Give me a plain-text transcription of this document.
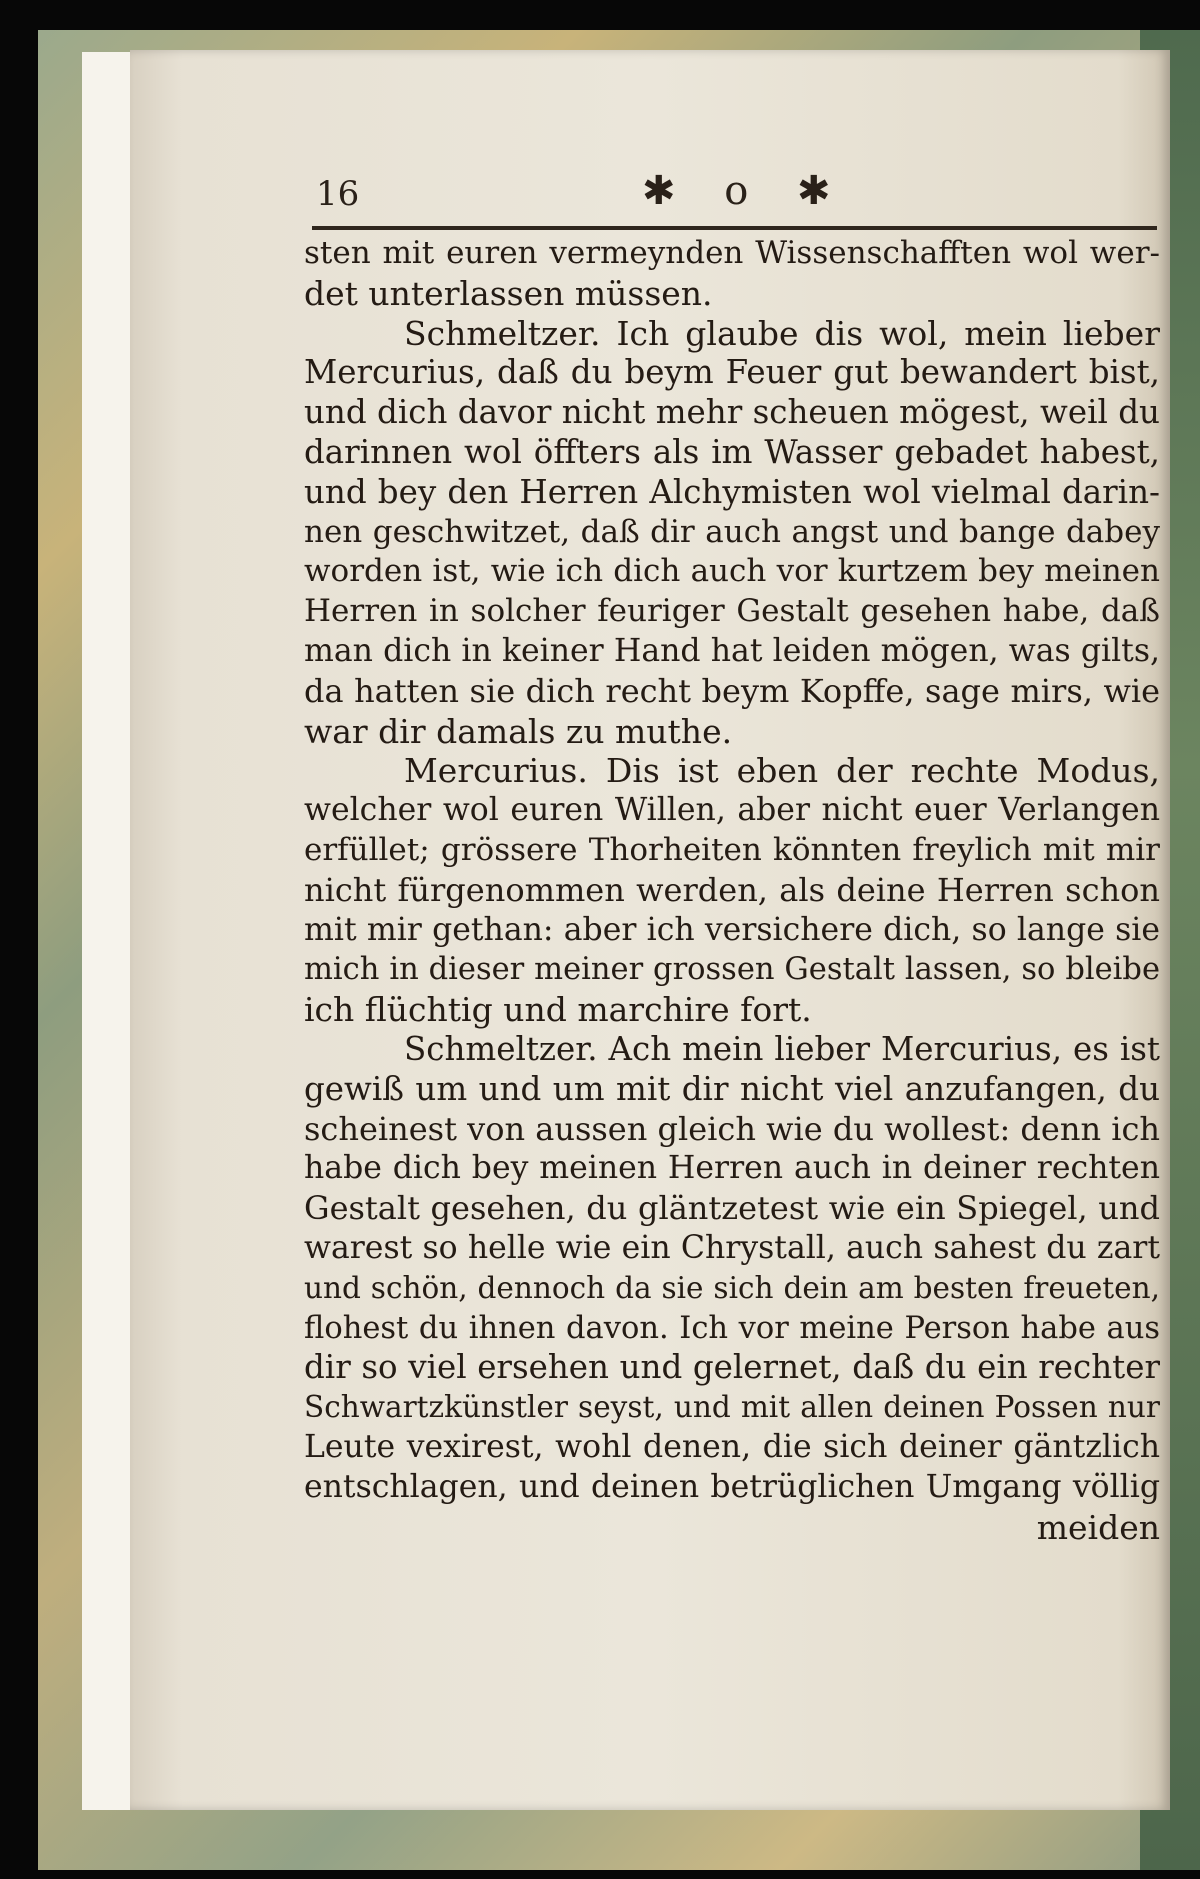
16	✱ o ✱
sten mit euren vermeynden Wissenschafften wol wer-
det unterlassen müssen.
Schmeltzer. Ich glaube dis wol, mein lieber
Mercurius, daß du beym Feuer gut bewandert bist,
und dich davor nicht mehr scheuen mögest, weil du
darinnen wol öffters als im Wasser gebadet habest,
und bey den Herren Alchymisten wol vielmal darin-
nen geschwitzet, daß dir auch angst und bange dabey
worden ist, wie ich dich auch vor kurtzem bey meinen
Herren in solcher feuriger Gestalt gesehen habe, daß
man dich in keiner Hand hat leiden mögen, was gilts,
da hatten sie dich recht beym Kopffe, sage mirs, wie
war dir damals zu muthe.
Mercurius. Dis ist eben der rechte Modus,
welcher wol euren Willen, aber nicht euer Verlangen
erfüllet; grössere Thorheiten könnten freylich mit mir
nicht fürgenommen werden, als deine Herren schon
mit mir gethan: aber ich versichere dich, so lange sie
mich in dieser meiner grossen Gestalt lassen, so bleibe
ich flüchtig und marchire fort.
Schmeltzer. Ach mein lieber Mercurius, es ist
gewiß um und um mit dir nicht viel anzufangen, du
scheinest von aussen gleich wie du wollest: denn ich
habe dich bey meinen Herren auch in deiner rechten
Gestalt gesehen, du gläntzetest wie ein Spiegel, und
warest so helle wie ein Chrystall, auch sahest du zart
und schön, dennoch da sie sich dein am besten freueten,
flohest du ihnen davon. Ich vor meine Person habe aus
dir so viel ersehen und gelernet, daß du ein rechter
Schwartzkünstler seyst, und mit allen deinen Possen nur
Leute vexirest, wohl denen, die sich deiner gäntzlich
entschlagen, und deinen betrüglichen Umgang völlig
meiden
